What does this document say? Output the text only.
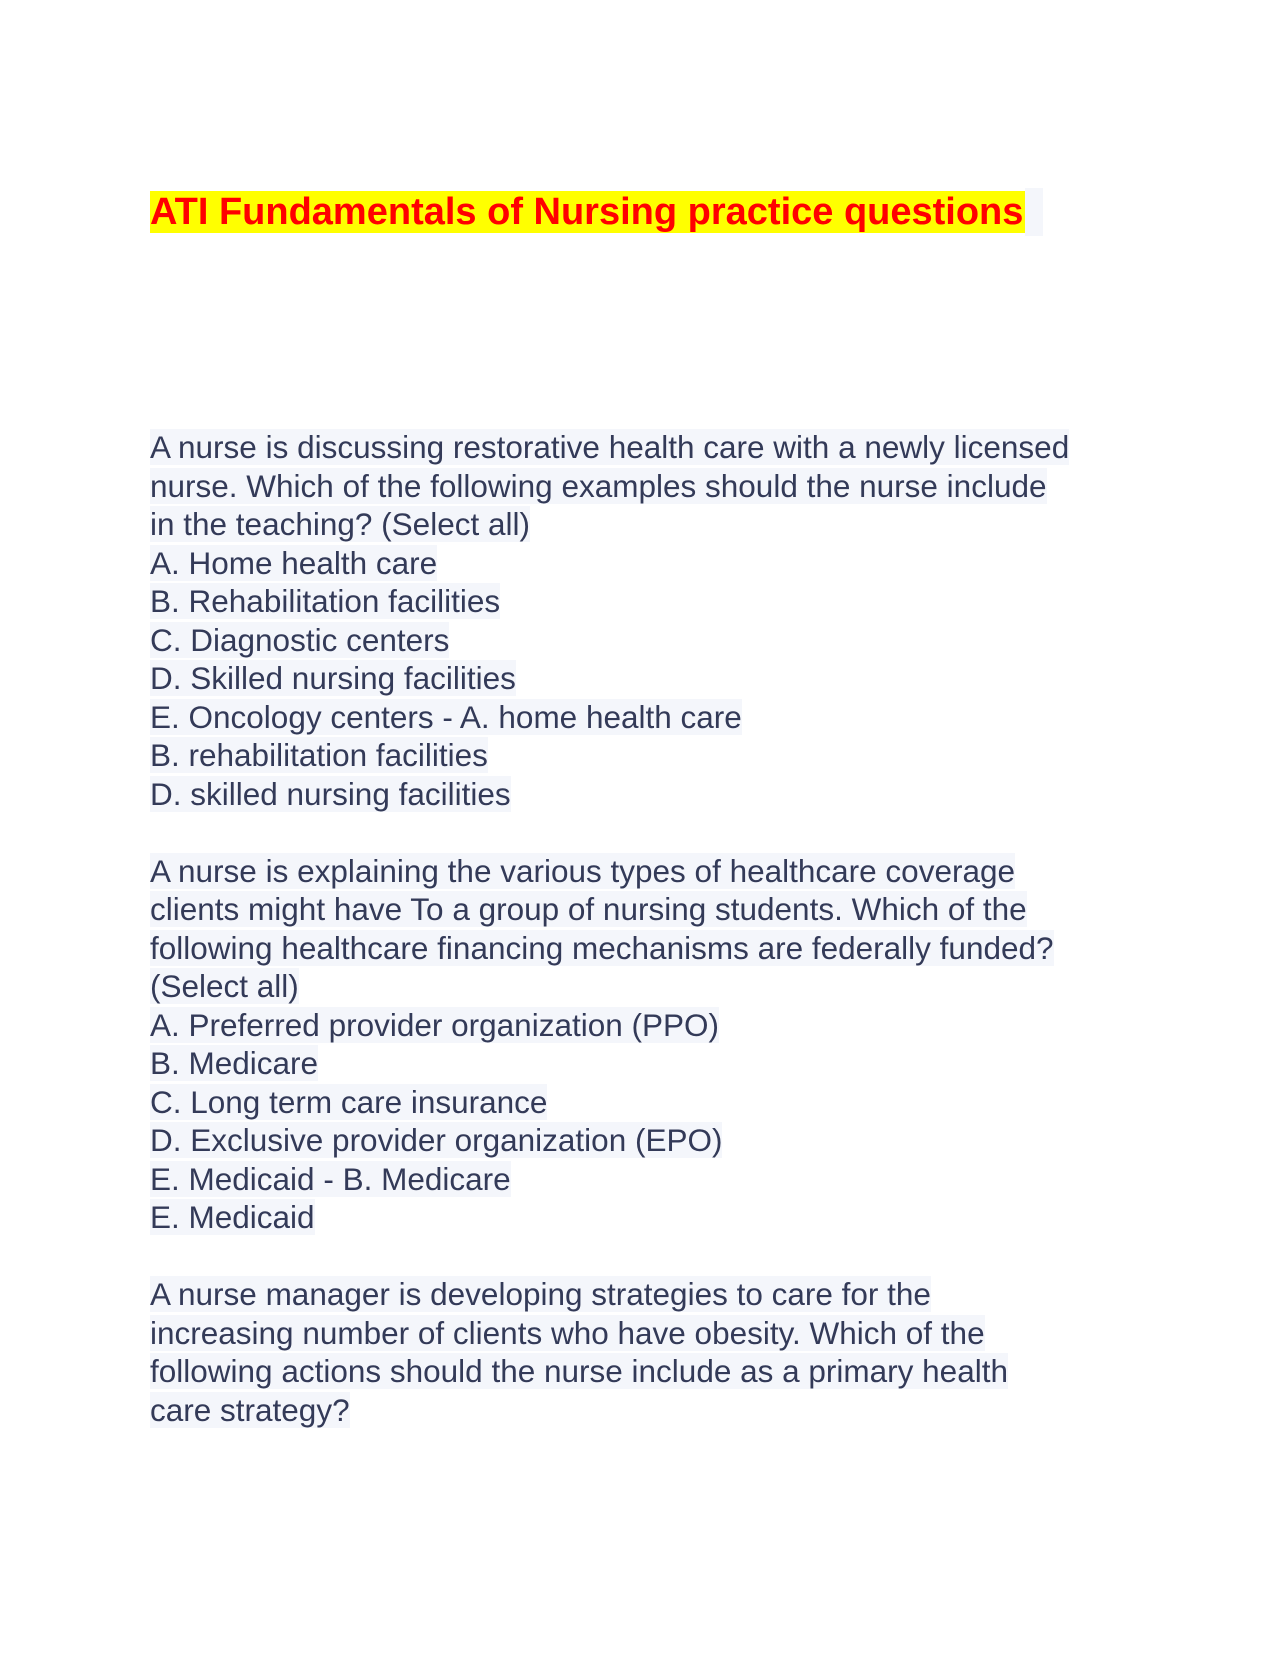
ATI Fundamentals of Nursing practice questions
A nurse is discussing restorative health care with a newly licensed
nurse. Which of the following examples should the nurse include
in the teaching? (Select all)
A. Home health care
B. Rehabilitation facilities
C. Diagnostic centers
D. Skilled nursing facilities
E. Oncology centers - A. home health care
B. rehabilitation facilities
D. skilled nursing facilities
A nurse is explaining the various types of healthcare coverage
clients might have To a group of nursing students. Which of the
following healthcare financing mechanisms are federally funded?
(Select all)
A. Preferred provider organization (PPO)
B. Medicare
C. Long term care insurance
D. Exclusive provider organization (EPO)
E. Medicaid - B. Medicare
E. Medicaid
A nurse manager is developing strategies to care for the
increasing number of clients who have obesity. Which of the
following actions should the nurse include as a primary health
care strategy?
